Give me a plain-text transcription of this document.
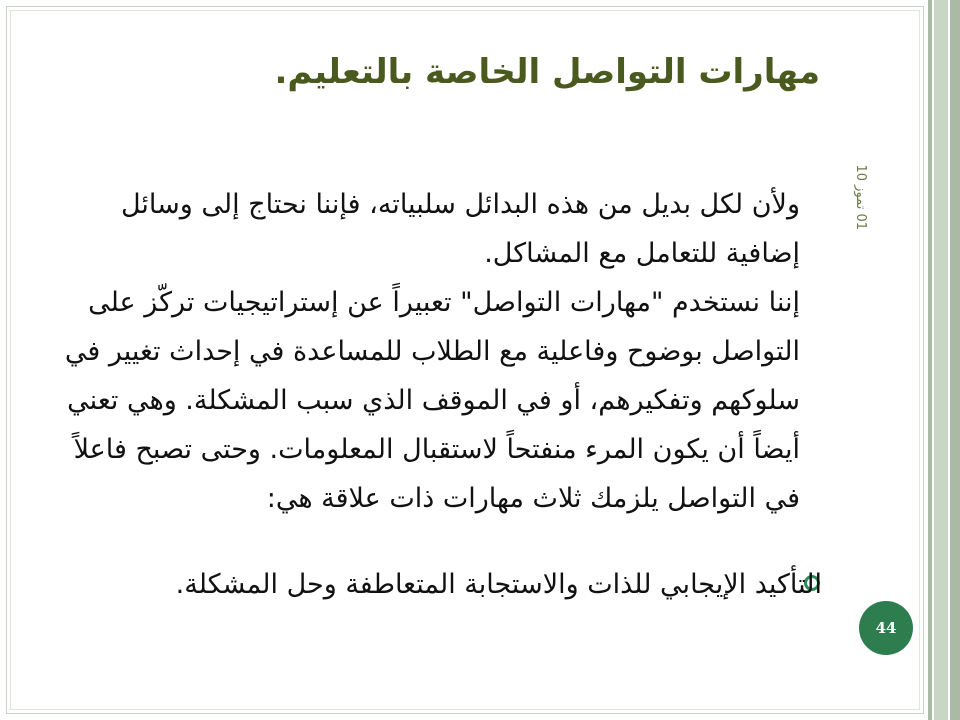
مهارات التواصل الخاصة بالتعليم.
01 تموز 10

ولأن لكل بديل من هذه البدائل سلبياته، فإننا نحتاج إلى وسائل إضافية للتعامل مع المشاكل.

إننا نستخدم "مهارات التواصل" تعبيراً عن إستراتيجيات تركّز على التواصل بوضوح وفاعلية مع الطلاب للمساعدة في إحداث تغيير في سلوكهم وتفكيرهم، أو في الموقف الذي سبب المشكلة. وهي تعني أيضاً أن يكون المرء منفتحاً لاستقبال المعلومات. وحتى تصبح فاعلاً في التواصل يلزمك ثلاث مهارات ذات علاقة هي:

التأكيد الإيجابي للذات والاستجابة المتعاطفة وحل المشكلة.
44
